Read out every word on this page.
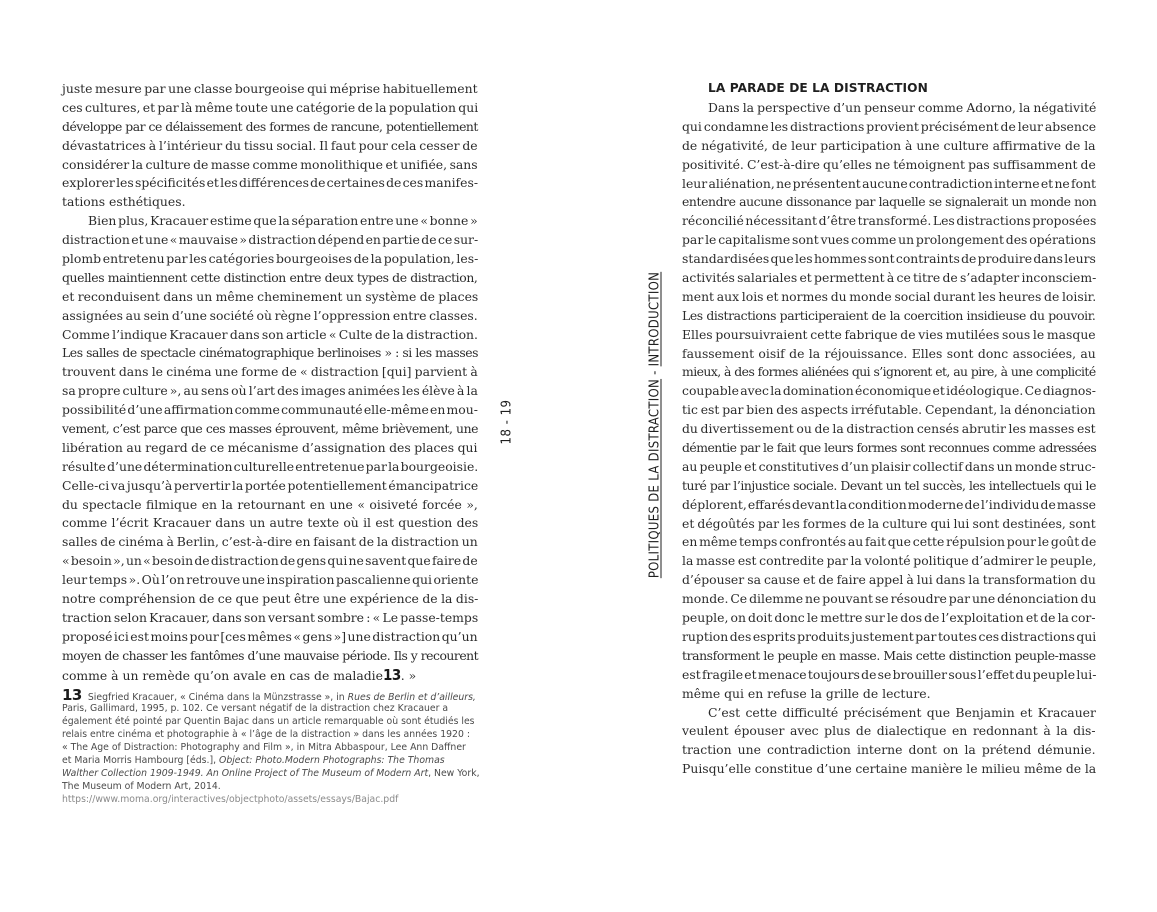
juste mesure par une classe bourgeoise qui méprise habituellement
ces cultures, et par là même toute une catégorie de la population qui
développe par ce délaissement des formes de rancune, potentiellement
dévastatrices à l’intérieur du tissu social. Il faut pour cela cesser de
considérer la culture de masse comme monolithique et unifiée, sans
explorer les spécificités et les différences de certaines de ces manifes-
tations esthétiques.
Bien plus, Kracauer estime que la séparation entre une « bonne »
distraction et une « mauvaise » distraction dépend en partie de ce sur-
plomb entretenu par les catégories bourgeoises de la population, les-
quelles maintiennent cette distinction entre deux types de distraction,
et reconduisent dans un même cheminement un système de places
assignées au sein d’une société où règne l’oppression entre classes.
Comme l’indique Kracauer dans son article « Culte de la distraction.
Les salles de spectacle cinématographique berlinoises » : si les masses
trouvent dans le cinéma une forme de « distraction [qui] parvient à
sa propre culture », au sens où l’art des images animées les élève à la
possibilité d’une affirmation comme communauté elle-même en mou-
vement, c’est parce que ces masses éprouvent, même brièvement, une
libération au regard de ce mécanisme d’assignation des places qui
résulte d’une détermination culturelle entretenue par la bourgeoisie.
Celle-ci va jusqu’à pervertir la portée potentiellement émancipatrice
du spectacle filmique en la retournant en une « oisiveté forcée »,
comme l’écrit Kracauer dans un autre texte où il est question des
salles de cinéma à Berlin, c’est-à-dire en faisant de la distraction un
« besoin », un « besoin de distraction de gens qui ne savent que faire de
leur temps ». Où l’on retrouve une inspiration pascalienne qui oriente
notre compréhension de ce que peut être une expérience de la dis-
traction selon Kracauer, dans son versant sombre : « Le passe-temps
proposé ici est moins pour [ces mêmes « gens »] une distraction qu’un
moyen de chasser les fantômes d’une mauvaise période. Ils y recourent
comme à un remède qu’on avale en cas de maladie13. »
13 Siegfried Kracauer, « Cinéma dans la Münzstrasse », in Rues de Berlin et d’ailleurs,
Paris, Gallimard, 1995, p. 102. Ce versant négatif de la distraction chez Kracauer a
également été pointé par Quentin Bajac dans un article remarquable où sont étudiés les
relais entre cinéma et photographie à « l’âge de la distraction » dans les années 1920 :
« The Age of Distraction: Photography and Film », in Mitra Abbaspour, Lee Ann Daffner
et Maria Morris Hambourg [éds.], Object: Photo.Modern Photographs: The Thomas
Walther Collection 1909-1949. An Online Project of The Museum of Modern Art, New York,
The Museum of Modern Art, 2014.
https://www.moma.org/interactives/objectphoto/assets/essays/Bajac.pdf
18 - 19	POLITIQUES DE LA DISTRACTION - INTRODUCTION
LA PARADE DE LA DISTRACTION
Dans la perspective d’un penseur comme Adorno, la négativité
qui condamne les distractions provient précisément de leur absence
de négativité, de leur participation à une culture affirmative de la
positivité. C’est-à-dire qu’elles ne témoignent pas suffisamment de
leur aliénation, ne présentent aucune contradiction interne et ne font
entendre aucune dissonance par laquelle se signalerait un monde non
réconcilié nécessitant d’être transformé. Les distractions proposées
par le capitalisme sont vues comme un prolongement des opérations
standardisées que les hommes sont contraints de produire dans leurs
activités salariales et permettent à ce titre de s’adapter inconsciem-
ment aux lois et normes du monde social durant les heures de loisir.
Les distractions participeraient de la coercition insidieuse du pouvoir.
Elles poursuivraient cette fabrique de vies mutilées sous le masque
faussement oisif de la réjouissance. Elles sont donc associées, au
mieux, à des formes aliénées qui s’ignorent et, au pire, à une complicité
coupable avec la domination économique et idéologique. Ce diagnos-
tic est par bien des aspects irréfutable. Cependant, la dénonciation
du divertissement ou de la distraction censés abrutir les masses est
démentie par le fait que leurs formes sont reconnues comme adressées
au peuple et constitutives d’un plaisir collectif dans un monde struc-
turé par l’injustice sociale. Devant un tel succès, les intellectuels qui le
déplorent, effarés devant la condition moderne de l’individu de masse
et dégoûtés par les formes de la culture qui lui sont destinées, sont
en même temps confrontés au fait que cette répulsion pour le goût de
la masse est contredite par la volonté politique d’admirer le peuple,
d’épouser sa cause et de faire appel à lui dans la transformation du
monde. Ce dilemme ne pouvant se résoudre par une dénonciation du
peuple, on doit donc le mettre sur le dos de l’exploitation et de la cor-
ruption des esprits produits justement par toutes ces distractions qui
transforment le peuple en masse. Mais cette distinction peuple-masse
est fragile et menace toujours de se brouiller sous l’effet du peuple lui-
même qui en refuse la grille de lecture.
C’est cette difficulté précisément que Benjamin et Kracauer
veulent épouser avec plus de dialectique en redonnant à la dis-
traction une contradiction interne dont on la prétend démunie.
Puisqu’elle constitue d’une certaine manière le milieu même de la
